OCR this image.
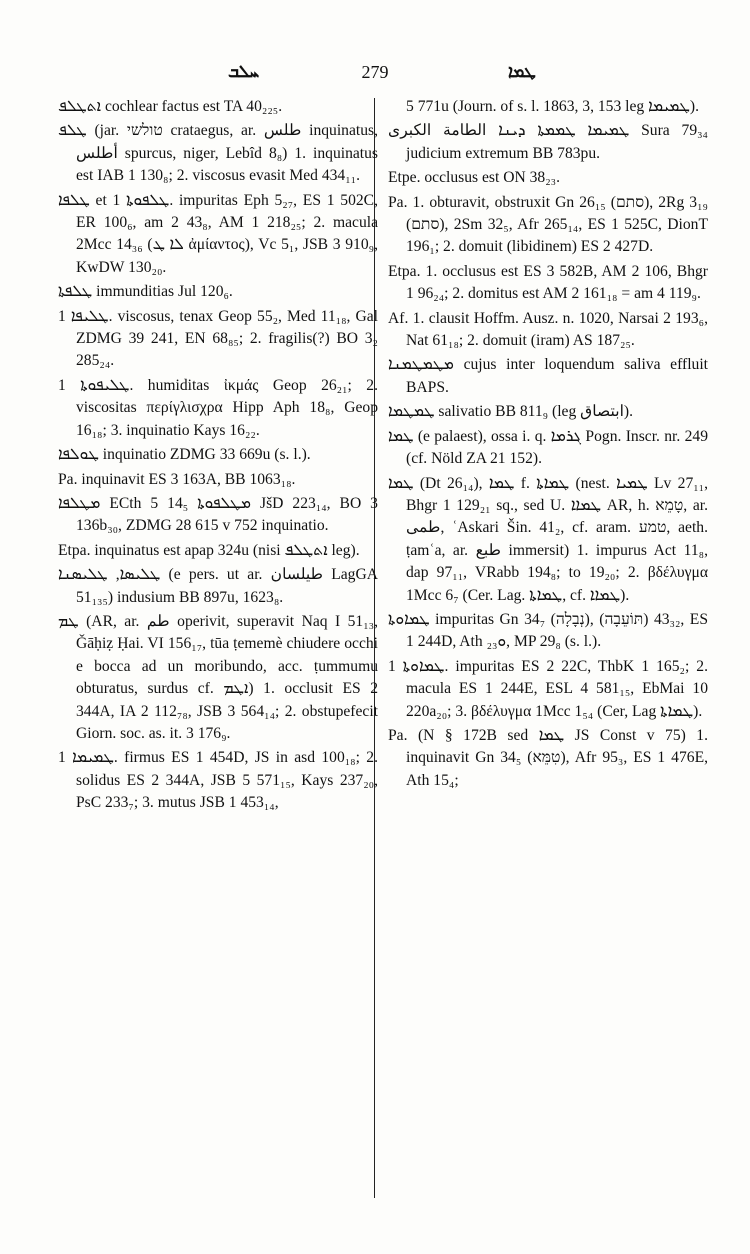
ܚܠܒ	279	ܛܡܐ

ܐܬܛܠܦ cochlear factus est TA 40₂₂₅.

ܛܠܦ (jar. טולשי crataegus, ar. طلس inquinatus, أطلس spurcus, niger, Lebîd 8₈) 1. inquinatus est IAB 1 130₈; 2. viscosus evasit Med 434₁₁.

ܛܠܦܐ et ܛܠܦܘܬܐ 1. impuritas Eph 5₂₇, ES 1 502C, ER 100₆, am 2 43₈, AM 1 218₂₅; 2. macula 2Mcc 14₃₆ (ܠܐ ܛ ἀμίαντος), Vc 5₁, JSB 3 910₉, KwDW 130₂₀.

ܛܠܦܬܐ immunditias Jul 120₆.

ܛܠܝܦܐ 1. viscosus, tenax Geop 55₂, Med 11₁₈, Gal ZDMG 39 241, EN 68₈₅; 2. fragilis(?) BO 3₂ 285₂₄.

ܛܠܝܦܘܬܐ 1. humiditas ἰκμάς Geop 26₂₁; 2. viscositas περίγλισχρα Hipp Aph 18₈, Geop 16₁₈; 3. inquinatio Kays 16₂₂.

ܛܘܠܦܐ inquinatio ZDMG 33 669u (s. l.).

Pa. inquinavit ES 3 163A, BB 1063₁₈.

ܡܛܠܦܐ ECth 5 14₅ ܡܛܠܦܘܬܐ JšD 223₁₄, BO 3 136b₃₀, ZDMG 28 615 v 752 inquinatio.

Etpa. inquinatus est apap 324u (nisi ܐܬܛܠܦ leg).

ܛܠܝܣܐ, ܛܠܝܣܢܐ (e pers. ut ar. طيلسان LagGA 51₁₃₅) indusium BB 897u, 1623₈.

ܛܡ (AR, ar. طم operivit, superavit Naq I 51₁₃, Ǧāḥiẓ Ḥai. VI 156₁₇, tūa ṭememè chiudere occhi e bocca ad un moribundo, acc. ṭummumu obturatus, surdus cf. ܐܛܡ) 1. occlusit ES 2 344A, IA 2 112₇₈, JSB 3 564₁₄; 2. obstupefecit Giorn. soc. as. it. 3 176₉.

ܛܡܝܡܐ 1. firmus ES 1 454D, JS in asd 100₁₈; 2. solidus ES 2 344A, JSB 5 571₁₅, Kays 237₂₀, PsC 233₇; 3. mutus JSB 1 453₁₄,

5 771u (Journ. of s. l. 1863, 3, 153 leg ܛܡܝܡܐ).

ܛܡܝܡܐ ܛܡܡܬܐ ܕܝܢܐ الطامة الكبرى Sura 79₃₄ judicium extremum BB 783pu.

Etpe. occlusus est ON 38₂₃.

Pa. 1. obturavit, obstruxit Gn 26₁₅ (סתם), 2Rg 3₁₉ (סתם), 2Sm 32₅, Afr 265₁₄, ES 1 525C, DionT 196₁; 2. domuit (libidinem) ES 2 427D.

Etpa. 1. occlusus est ES 3 582B, AM 2 106, Bhgr 1 96₂₄; 2. domitus est AM 2 161₁₈ = am 4 119₉.

Af. 1. clausit Hoffm. Ausz. n. 1020, Narsai 2 193₆, Nat 61₁₈; 2. domuit (iram) AS 187₂₅.

ܡܛܡܛܡܢܐ cujus inter loquendum saliva effluit BAPS.

ܛܡܛܡܐ salivatio BB 811₉ (leg ابتصاق).

ܛܡܐ (e palaest), ossa i. q. ܓܪܡܐ Pogn. Inscr. nr. 249 (cf. Nöld ZA 21 152).

ܛܡܐ (Dt 26₁₄), ܛܡܐ f. ܛܡܐܬܐ (nest. ܛܡܝܐ Lv 27₁₁, Bhgr 1 129₂₁ sq., sed U. ܛܡܐܐ AR, h. טָמֵא, ar. طمى, ʿAskari Šin. 41₂, cf. aram. טמע, aeth. ṭamʿa, ar. طبع immersit) 1. impurus Act 11₈, dap 97₁₁, VRabb 194₈; to 19₂₀; 2. βδέλυγμα 1Mcc 6₇ (Cer. Lag. ܛܡܐܬܐ, cf. ܛܡܐܐ).

ܛܡܐܘܬܐ impuritas Gn 34₇ (נְבָלָה), 43₃₂ (תּוֹעֵבָה), ES 1 244D, Ath ܘ₂₃, MP 29₈ (s. l.).

ܛܡܐܘܬܐ 1. impuritas ES 2 22C, ThbK 1 165₂; 2. macula ES 1 244E, ESL 4 581₁₅, EbMai 10 220a₂₀; 3. βδέλυγμα 1Mcc 1₅₄ (Cer, Lag ܛܡܐܬܐ).

Pa. (N § 172B sed ܛܡܐ JS Const v 75) 1. inquinavit Gn 34₅ (טִמֵּא), Afr 95₃, ES 1 476E, Ath 15₄;
